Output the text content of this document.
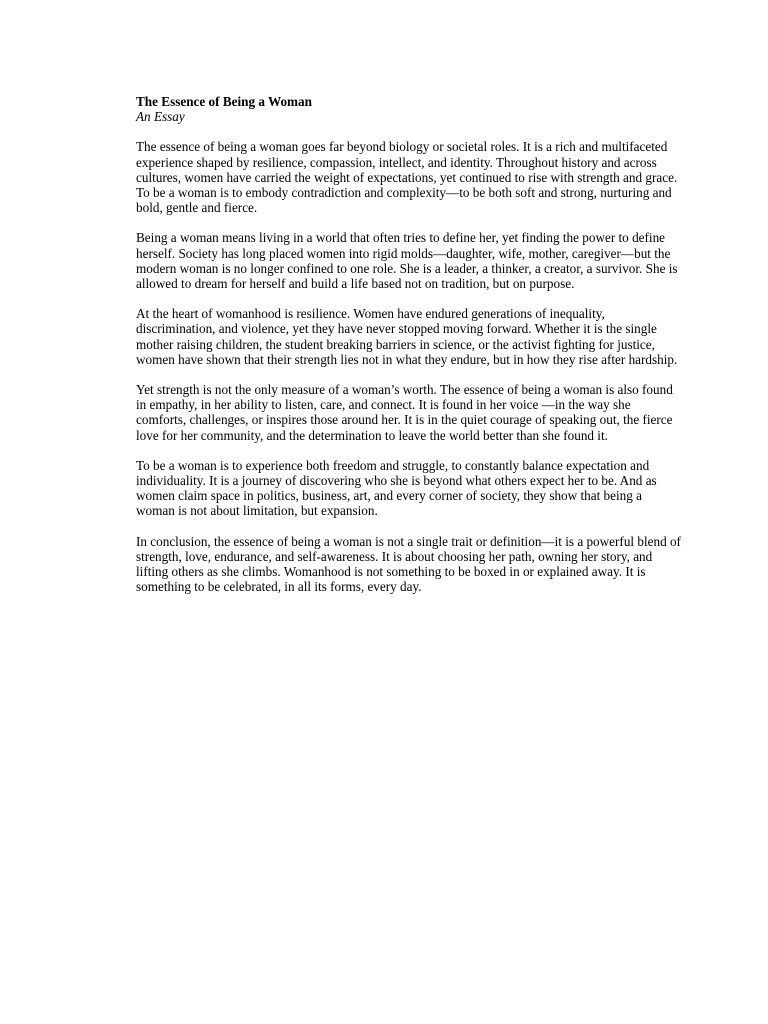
The Essence of Being a Woman
An Essay

The essence of being a woman goes far beyond biology or societal roles. It is a rich and multifaceted experience shaped by resilience, compassion, intellect, and identity. Throughout history and across cultures, women have carried the weight of expectations, yet continued to rise with strength and grace. To be a woman is to embody contradiction and complexity—to be both soft and strong, nurturing and bold, gentle and fierce.

Being a woman means living in a world that often tries to define her, yet finding the power to define herself. Society has long placed women into rigid molds—daughter, wife, mother, caregiver—but the modern woman is no longer confined to one role. She is a leader, a thinker, a creator, a survivor. She is allowed to dream for herself and build a life based not on tradition, but on purpose.

At the heart of womanhood is resilience. Women have endured generations of inequality, discrimination, and violence, yet they have never stopped moving forward. Whether it is the single mother raising children, the student breaking barriers in science, or the activist fighting for justice, women have shown that their strength lies not in what they endure, but in how they rise after hardship.

Yet strength is not the only measure of a woman’s worth. The essence of being a woman is also found in empathy, in her ability to listen, care, and connect. It is found in her voice —in the way she comforts, challenges, or inspires those around her. It is in the quiet courage of speaking out, the fierce love for her community, and the determination to leave the world better than she found it.

To be a woman is to experience both freedom and struggle, to constantly balance expectation and individuality. It is a journey of discovering who she is beyond what others expect her to be. And as women claim space in politics, business, art, and every corner of society, they show that being a woman is not about limitation, but expansion.

In conclusion, the essence of being a woman is not a single trait or definition—it is a powerful blend of strength, love, endurance, and self-awareness. It is about choosing her path, owning her story, and lifting others as she climbs. Womanhood is not something to be boxed in or explained away. It is something to be celebrated, in all its forms, every day.
